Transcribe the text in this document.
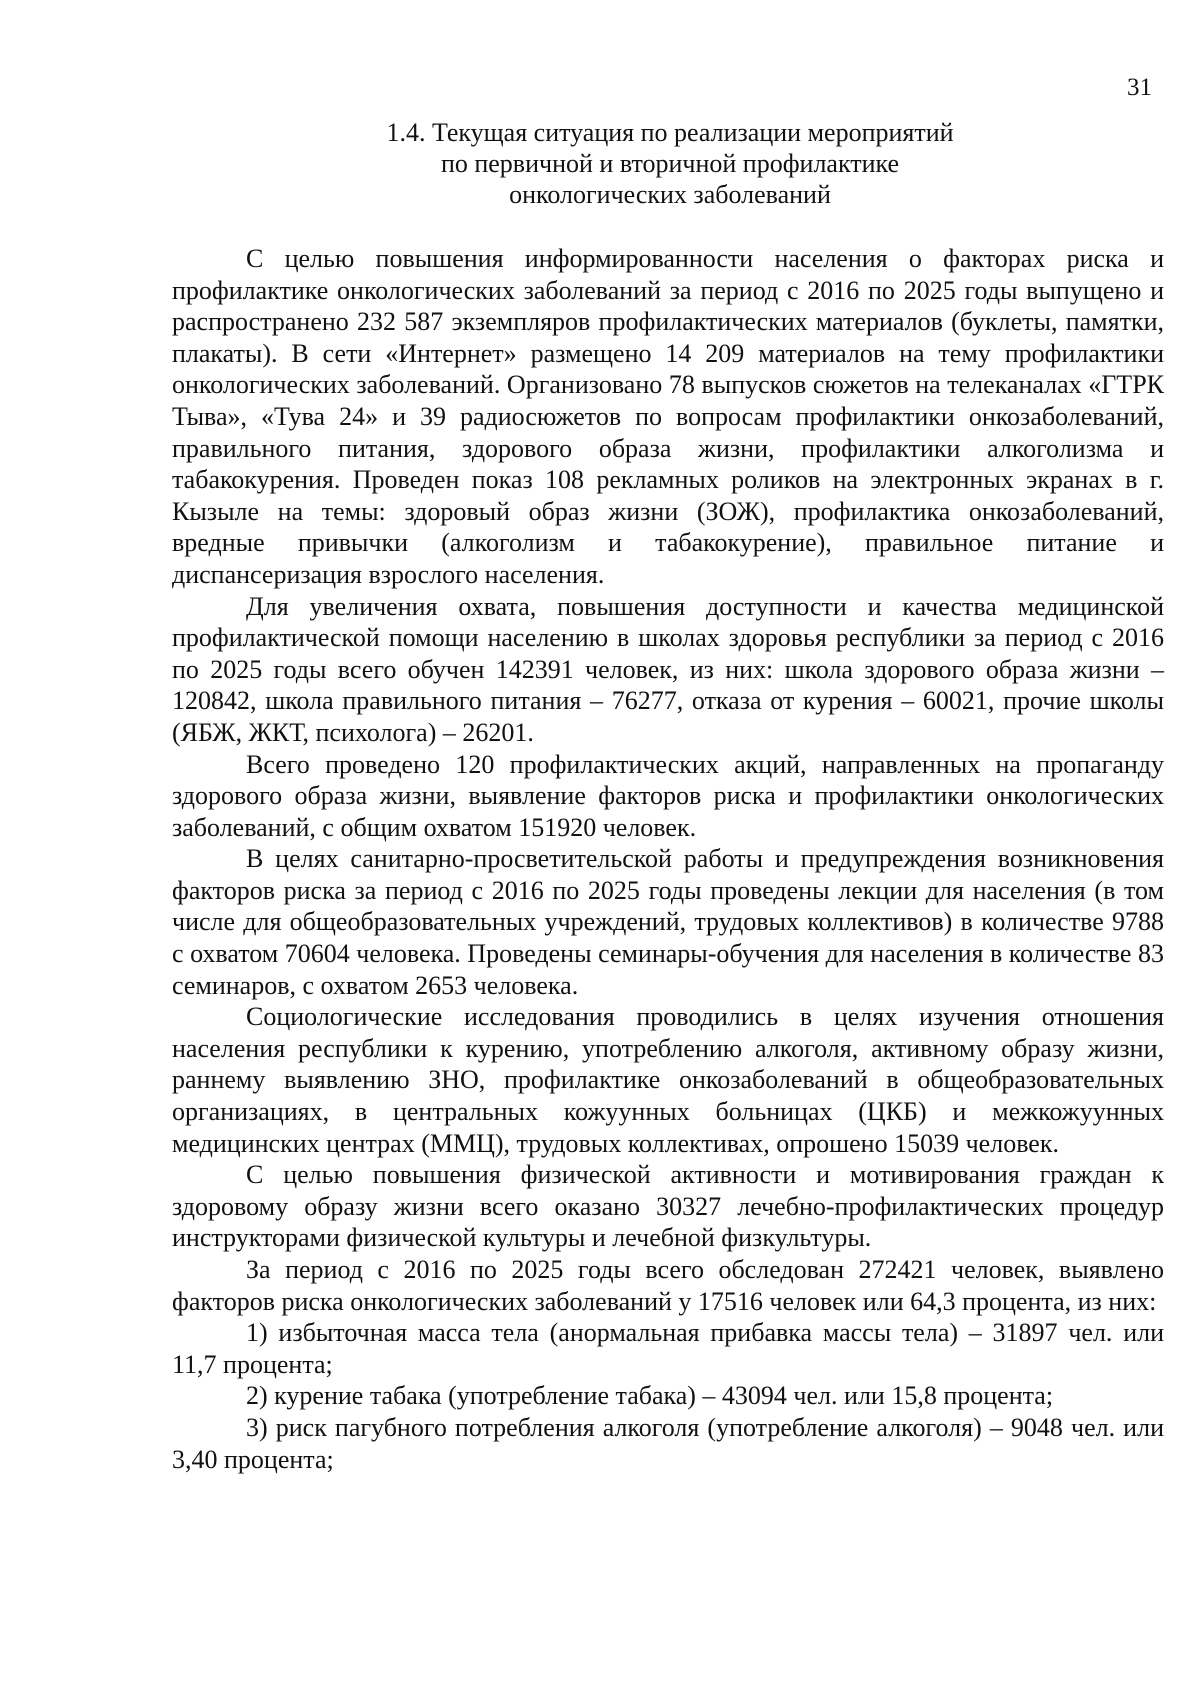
31
1.4. Текущая ситуация по реализации мероприятий
по первичной и вторичной профилактике
онкологических заболеваний

С целью повышения информированности населения о факторах риска и профилактике онкологических заболеваний за период с 2016 по 2025 годы выпущено и распространено 232 587 экземпляров профилактических материалов (буклеты, памятки, плакаты). В сети «Интернет» размещено 14 209 материалов на тему профилактики онкологических заболеваний. Организовано 78 выпусков сюжетов на телеканалах «ГТРК Тыва», «Тува 24» и 39 радиосюжетов по вопросам профилактики онкозаболеваний, правильного питания, здорового образа жизни, профилактики алкоголизма и табакокурения. Проведен показ 108 рекламных роликов на электронных экранах в г. Кызыле на темы: здоровый образ жизни (ЗОЖ), профилактика онкозаболеваний, вредные привычки (алкоголизм и табакокурение), правильное питание и диспансеризация взрослого населения.

Для увеличения охвата, повышения доступности и качества медицинской профилактической помощи населению в школах здоровья республики за период с 2016 по 2025 годы всего обучен 142391 человек, из них: школа здорового образа жизни – 120842, школа правильного питания – 76277, отказа от курения – 60021, прочие школы (ЯБЖ, ЖКТ, психолога) – 26201.

Всего проведено 120 профилактических акций, направленных на пропаганду здорового образа жизни, выявление факторов риска и профилактики онкологических заболеваний, с общим охватом 151920 человек.

В целях санитарно-просветительской работы и предупреждения возникновения факторов риска за период с 2016 по 2025 годы проведены лекции для населения (в том числе для общеобразовательных учреждений, трудовых коллективов) в количестве 9788 с охватом 70604 человека. Проведены семинары-обучения для населения в количестве 83 семинаров, с охватом 2653 человека.

Социологические исследования проводились в целях изучения отношения населения республики к курению, употреблению алкоголя, активному образу жизни, раннему выявлению ЗНО, профилактике онкозаболеваний в общеобразовательных организациях, в центральных кожуунных больницах (ЦКБ) и межкожуунных медицинских центрах (ММЦ), трудовых коллективах, опрошено 15039 человек.

С целью повышения физической активности и мотивирования граждан к здоровому образу жизни всего оказано 30327 лечебно-профилактических процедур инструкторами физической культуры и лечебной физкультуры.

За период с 2016 по 2025 годы всего обследован 272421 человек, выявлено факторов риска онкологических заболеваний у 17516 человек или 64,3 процента, из них:

1) избыточная масса тела (анормальная прибавка массы тела) – 31897 чел. или 11,7 процента;

2) курение табака (употребление табака) – 43094 чел. или 15,8 процента;

3) риск пагубного потребления алкоголя (употребление алкоголя) – 9048 чел. или 3,40 процента;
